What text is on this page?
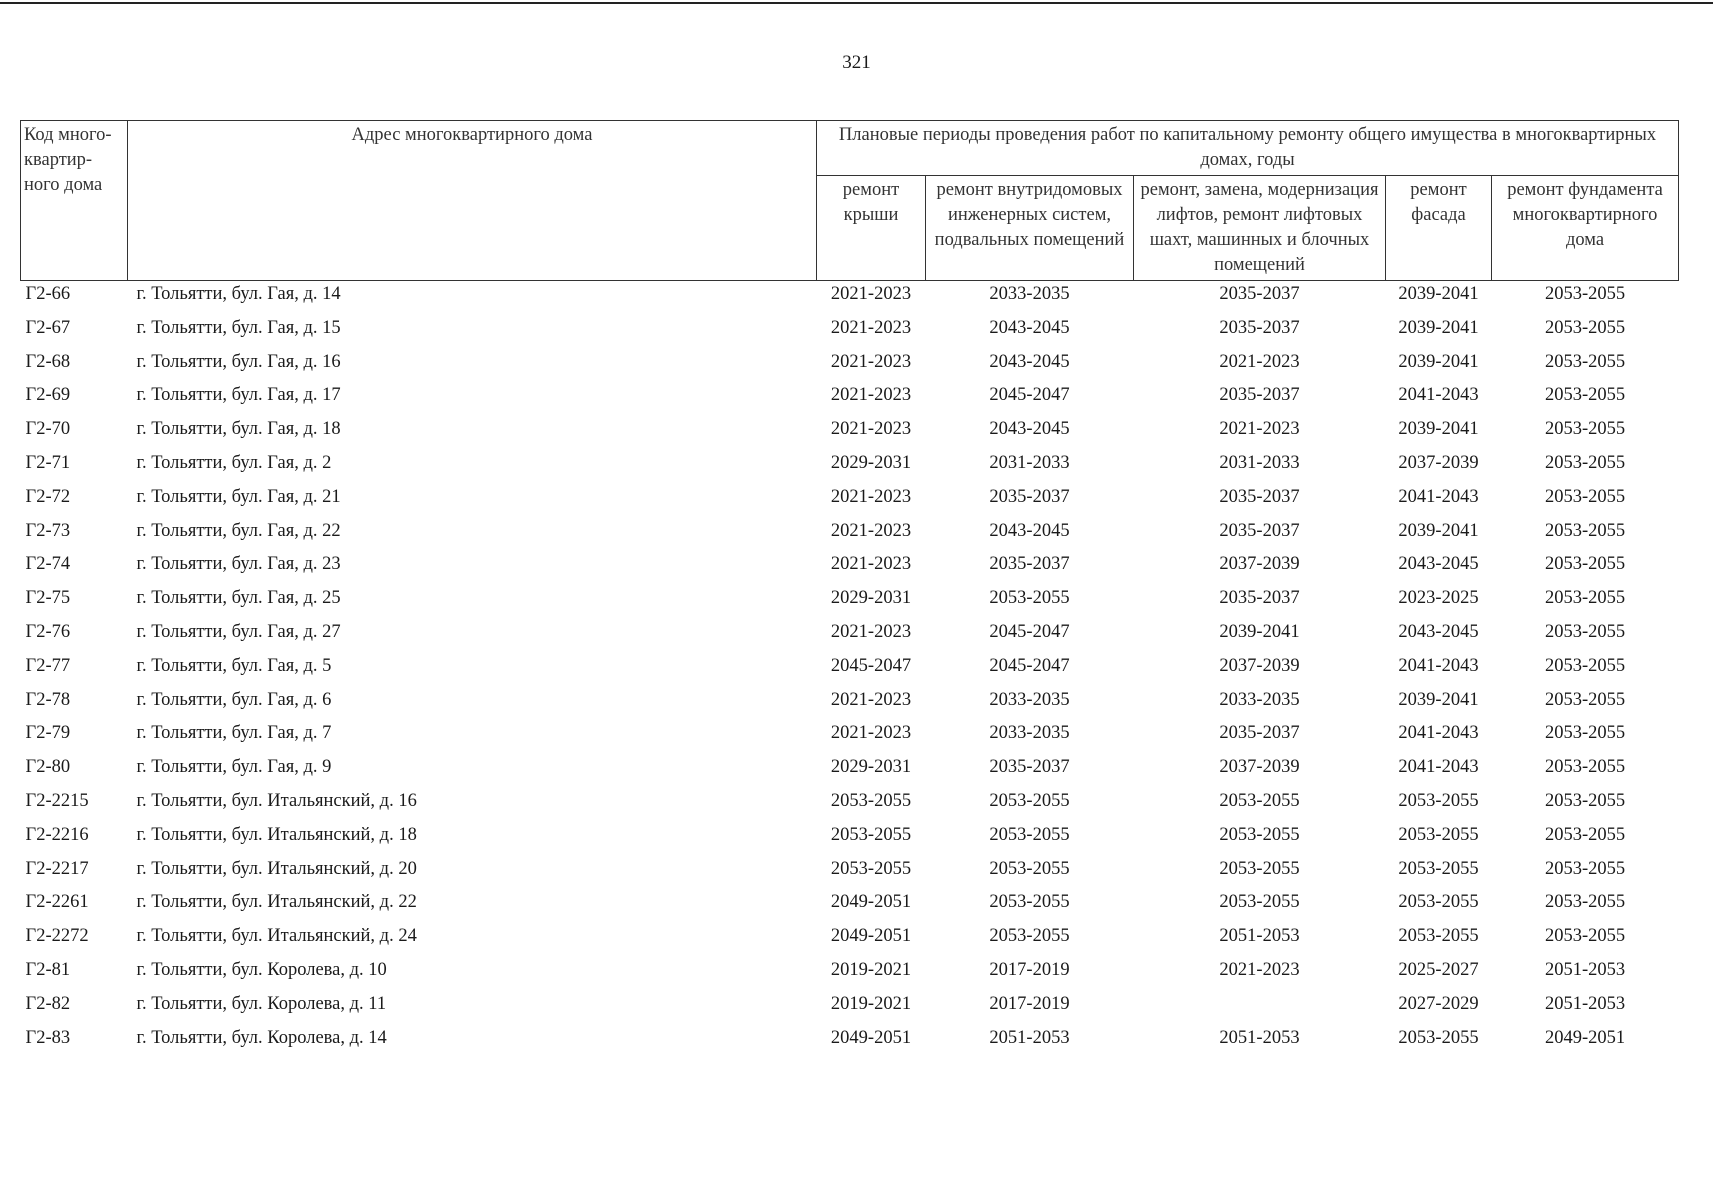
321
Код много-квартир-ного дома	Адрес многоквартирного дома	Плановые периоды проведения работ по капитальному ремонту общего имущества в многоквартирных домах, годы				
		ремонт крыши	ремонт внутридомовых инженерных систем, подвальных помещений	ремонт, замена, модернизация лифтов, ремонт лифтовых шахт, машинных и блочных помещений	ремонт фасада	ремонт фундамента многоквартирного дома
Г2-66	г. Тольятти, бул. Гая, д. 14	2021-2023	2033-2035	2035-2037	2039-2041	2053-2055
Г2-67	г. Тольятти, бул. Гая, д. 15	2021-2023	2043-2045	2035-2037	2039-2041	2053-2055
Г2-68	г. Тольятти, бул. Гая, д. 16	2021-2023	2043-2045	2021-2023	2039-2041	2053-2055
Г2-69	г. Тольятти, бул. Гая, д. 17	2021-2023	2045-2047	2035-2037	2041-2043	2053-2055
Г2-70	г. Тольятти, бул. Гая, д. 18	2021-2023	2043-2045	2021-2023	2039-2041	2053-2055
Г2-71	г. Тольятти, бул. Гая, д. 2	2029-2031	2031-2033	2031-2033	2037-2039	2053-2055
Г2-72	г. Тольятти, бул. Гая, д. 21	2021-2023	2035-2037	2035-2037	2041-2043	2053-2055
Г2-73	г. Тольятти, бул. Гая, д. 22	2021-2023	2043-2045	2035-2037	2039-2041	2053-2055
Г2-74	г. Тольятти, бул. Гая, д. 23	2021-2023	2035-2037	2037-2039	2043-2045	2053-2055
Г2-75	г. Тольятти, бул. Гая, д. 25	2029-2031	2053-2055	2035-2037	2023-2025	2053-2055
Г2-76	г. Тольятти, бул. Гая, д. 27	2021-2023	2045-2047	2039-2041	2043-2045	2053-2055
Г2-77	г. Тольятти, бул. Гая, д. 5	2045-2047	2045-2047	2037-2039	2041-2043	2053-2055
Г2-78	г. Тольятти, бул. Гая, д. 6	2021-2023	2033-2035	2033-2035	2039-2041	2053-2055
Г2-79	г. Тольятти, бул. Гая, д. 7	2021-2023	2033-2035	2035-2037	2041-2043	2053-2055
Г2-80	г. Тольятти, бул. Гая, д. 9	2029-2031	2035-2037	2037-2039	2041-2043	2053-2055
Г2-2215	г. Тольятти, бул. Итальянский, д. 16	2053-2055	2053-2055	2053-2055	2053-2055	2053-2055
Г2-2216	г. Тольятти, бул. Итальянский, д. 18	2053-2055	2053-2055	2053-2055	2053-2055	2053-2055
Г2-2217	г. Тольятти, бул. Итальянский, д. 20	2053-2055	2053-2055	2053-2055	2053-2055	2053-2055
Г2-2261	г. Тольятти, бул. Итальянский, д. 22	2049-2051	2053-2055	2053-2055	2053-2055	2053-2055
Г2-2272	г. Тольятти, бул. Итальянский, д. 24	2049-2051	2053-2055	2051-2053	2053-2055	2053-2055
Г2-81	г. Тольятти, бул. Королева, д. 10	2019-2021	2017-2019	2021-2023	2025-2027	2051-2053
Г2-82	г. Тольятти, бул. Королева, д. 11	2019-2021	2017-2019		2027-2029	2051-2053
Г2-83	г. Тольятти, бул. Королева, д. 14	2049-2051	2051-2053	2051-2053	2053-2055	2049-2051
